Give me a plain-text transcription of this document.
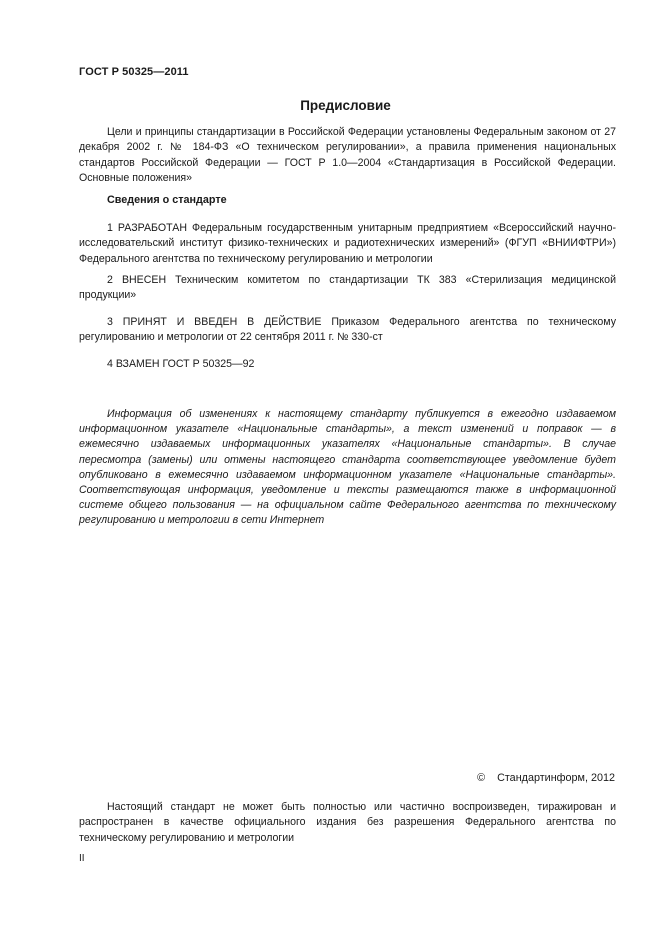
ГОСТ Р 50325—2011
Предисловие

Цели и принципы стандартизации в Российской Федерации установлены Федеральным законом от 27 декабря 2002 г. № 184-ФЗ «О техническом регулировании», а правила применения национальных стандартов Российской Федерации — ГОСТ Р 1.0—2004 «Стандартизация в Российской Федерации. Основные положения»

Сведения о стандарте

1 РАЗРАБОТАН Федеральным государственным унитарным предприятием «Всероссийский научно-исследовательский институт физико-технических и радиотехнических измерений» (ФГУП «ВНИИФТРИ») Федерального агентства по техническому регулированию и метрологии

2 ВНЕСЕН Техническим комитетом по стандартизации ТК 383 «Стерилизация медицинской продукции»

3 ПРИНЯТ И ВВЕДЕН В ДЕЙСТВИЕ Приказом Федерального агентства по техническому регулированию и метрологии от 22 сентября 2011 г. № 330-ст

4 ВЗАМЕН ГОСТ Р 50325—92

Информация об изменениях к настоящему стандарту публикуется в ежегодно издаваемом информационном указателе «Национальные стандарты», а текст изменений и поправок — в ежемесячно издаваемых информационных указателях «Национальные стандарты». В случае пересмотра (замены) или отмены настоящего стандарта соответствующее уведомление будет опубликовано в ежемесячно издаваемом информационном указателе «Национальные стандарты». Соответствующая информация, уведомление и тексты размещаются также в информационной системе общего пользования — на официальном сайте Федерального агентства по техническому регулированию и метрологии в сети Интернет

© Стандартинформ, 2012

Настоящий стандарт не может быть полностью или частично воспроизведен, тиражирован и распространен в качестве официального издания без разрешения Федерального агентства по техническому регулированию и метрологии

II
